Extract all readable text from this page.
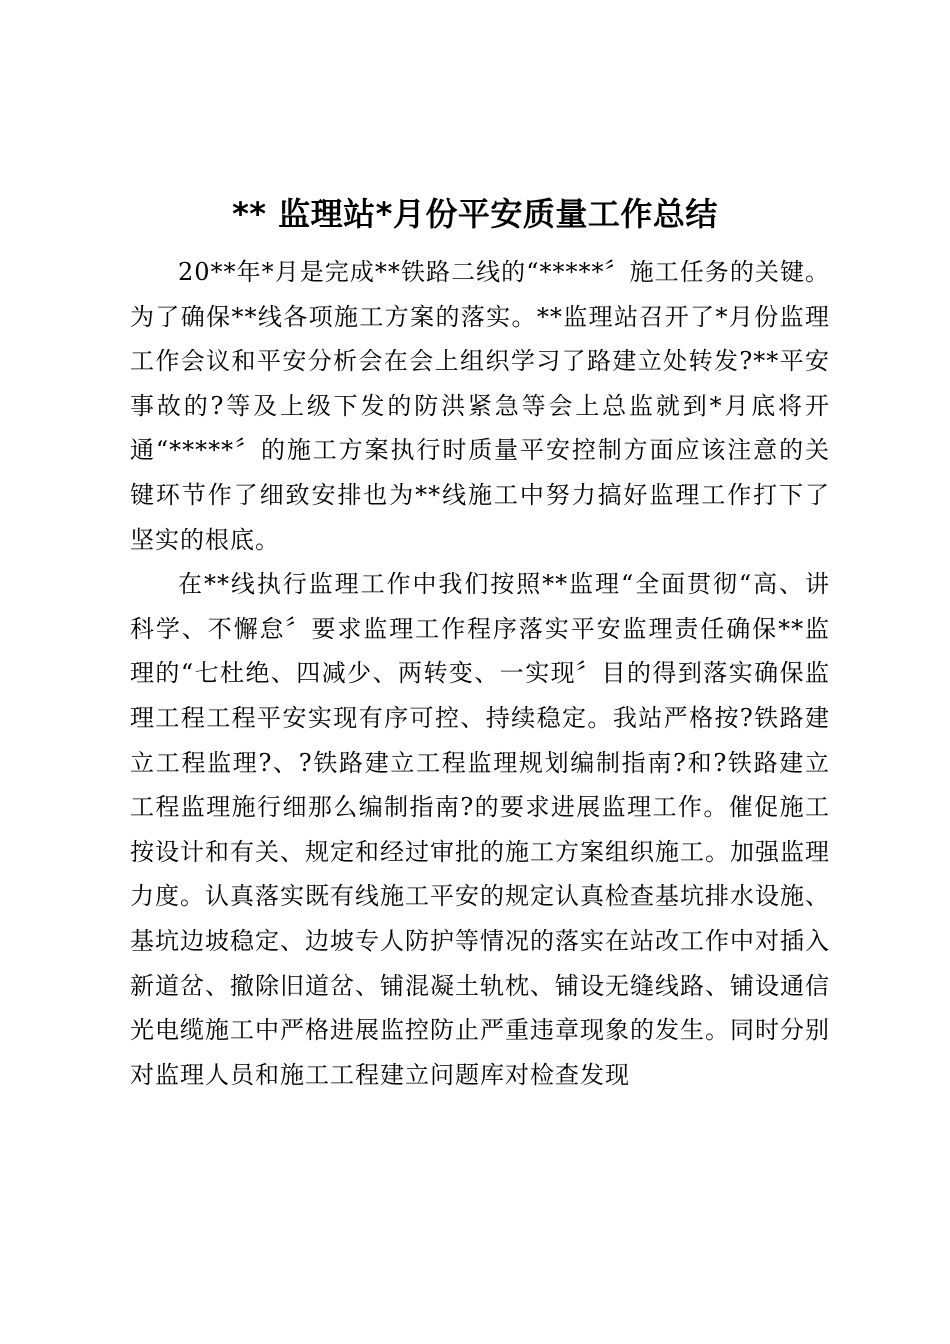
** 监理站*月份平安质量工作总结

20**年*月是完成**铁路二线的“*****〞施工任务的关键。为了确保**线各项施工方案的落实。**监理站召开了*月份监理工作会议和平安分析会在会上组织学习了路建立处转发?**平安事故的?等及上级下发的防洪紧急等会上总监就到*月底将开通“*****〞的施工方案执行时质量平安控制方面应该注意的关键环节作了细致安排也为**线施工中努力搞好监理工作打下了坚实的根底。

在**线执行监理工作中我们按照**监理“全面贯彻“高、讲科学、不懈怠〞要求监理工作程序落实平安监理责任确保**监理的“七杜绝、四减少、两转变、一实现〞目的得到落实确保监理工程工程平安实现有序可控、持续稳定。我站严格按?铁路建立工程监理?、?铁路建立工程监理规划编制指南?和?铁路建立工程监理施行细那么编制指南?的要求进展监理工作。催促施工按设计和有关、规定和经过审批的施工方案组织施工。加强监理力度。认真落实既有线施工平安的规定认真检查基坑排水设施、基坑边坡稳定、边坡专人防护等情况的落实在站改工作中对插入新道岔、撤除旧道岔、铺混凝土轨枕、铺设无缝线路、铺设通信光电缆施工中严格进展监控防止严重违章现象的发生。同时分别对监理人员和施工工程建立问题库对检查发现
